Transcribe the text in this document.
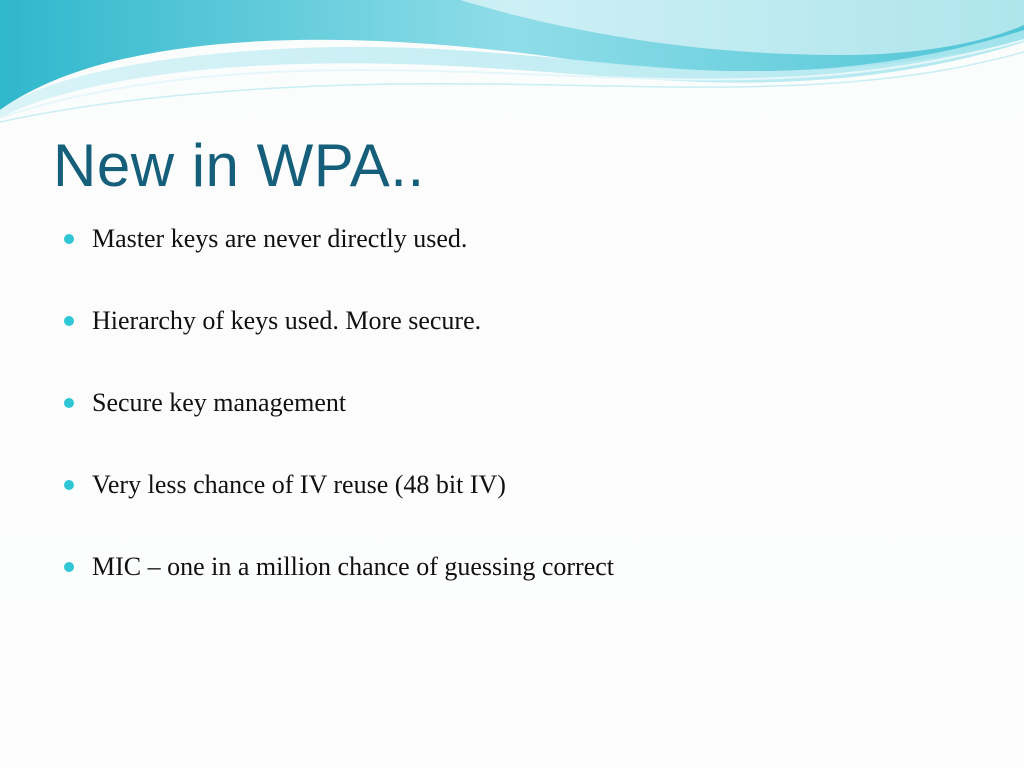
New in WPA..
Master keys are never directly used.
Hierarchy of keys used. More secure.
Secure key management
Very less chance of IV reuse (48 bit IV)
MIC – one in a million chance of guessing correct
